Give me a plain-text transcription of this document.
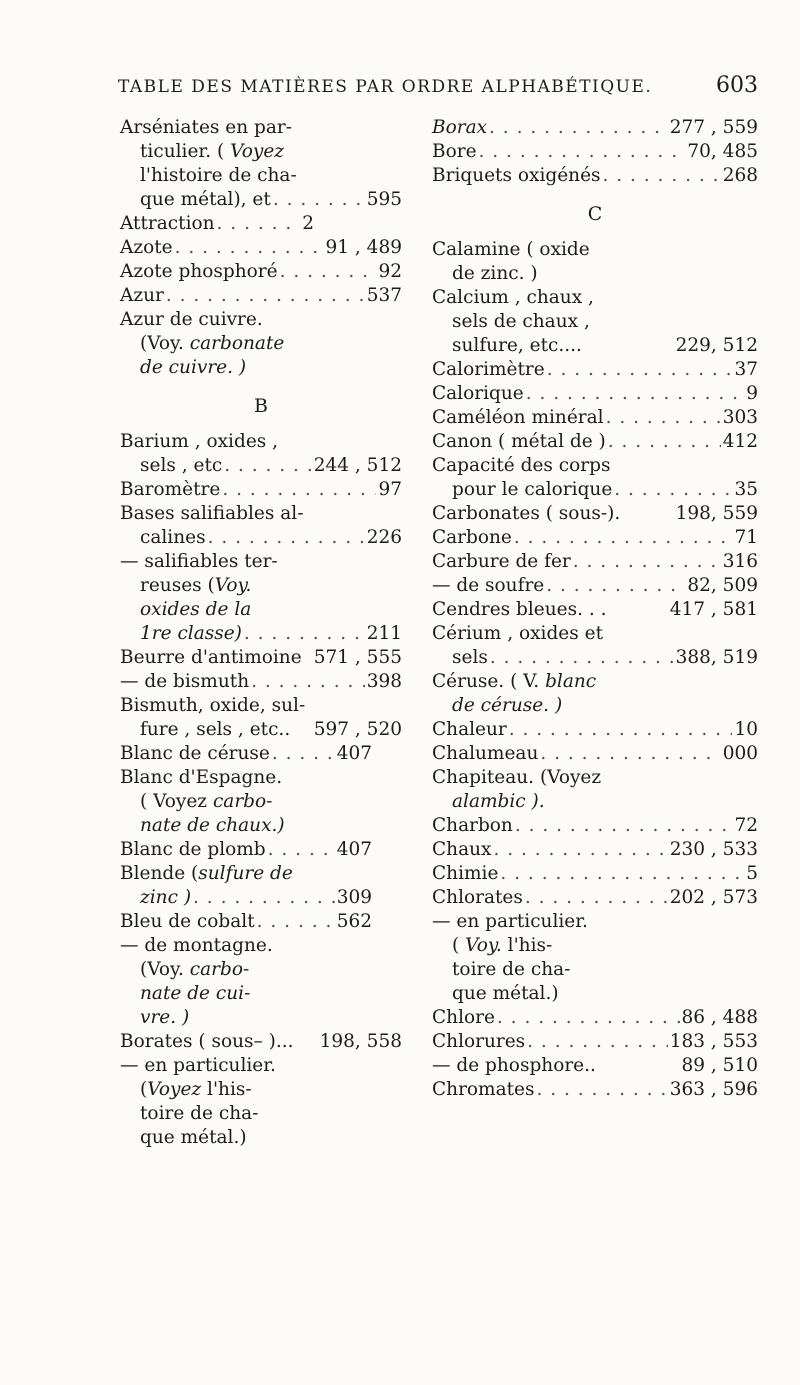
TABLE DES MATIÈRES PAR ORDRE ALPHABÉTIQUE.	603
Arséniates en par-
ticulier. ( Voyez
l'histoire de cha-
que métal), et . . .	595
Attraction . . .	2
Azote . . .	91 , 489
Azote phosphoré . . .	92
Azur . . .	537
Azur de cuivre.
(Voy. carbonate
de cuivre. )
B
Barium , oxides ,
sels , etc . . .	244 , 512
Baromètre . . .	97
Bases salifiables al-
calines . . .	226
— salifiables ter-
reuses (Voy.
oxides de la
1re classe) . . .	211
Beurre d'antimoine 571 , 555
— de bismuth . . .	398
Bismuth, oxide, sul-
fure , sels , etc.. 597 , 520
Blanc de céruse . . .	407
Blanc d'Espagne.
( Voyez carbo-
nate de chaux.)
Blanc de plomb . . .	407
Blende (sulfure de
zinc ) . . .	309
Bleu de cobalt . . .	562
— de montagne.
(Voy. carbo-
nate de cui-
vre. )
Borates ( sous– )... 198, 558
— en particulier.
(Voyez l'his-
toire de cha-
que métal.)
Borax . . .	277 , 559
Bore . . .	70, 485
Briquets oxigénés . . .	268
C
Calamine ( oxide
de zinc. )
Calcium , chaux ,
sels de chaux ,
sulfure, etc....	229, 512
Calorimètre . . .	37
Calorique . . .	9
Caméléon minéral . . .	303
Canon ( métal de ) . . .	412
Capacité des corps
pour le calorique . . .	35
Carbonates ( sous-).	198, 559
Carbone . . .	71
Carbure de fer . . .	316
— de soufre . . .	82, 509
Cendres bleues. . .	417 , 581
Cérium , oxides et
sels . . .	388, 519
Céruse. ( V. blanc
de céruse. )
Chaleur . . .	10
Chalumeau . . .	000
Chapiteau. (Voyez
alambic ).
Charbon . . .	72
Chaux . . .	230 , 533
Chimie . . .	5
Chlorates . . .	202 , 573
— en particulier.
( Voy. l'his-
toire de cha-
que métal.)
Chlore . . .	86 , 488
Chlorures . . .	183 , 553
— de phosphore..	89 , 510
Chromates . . .	363 , 596
